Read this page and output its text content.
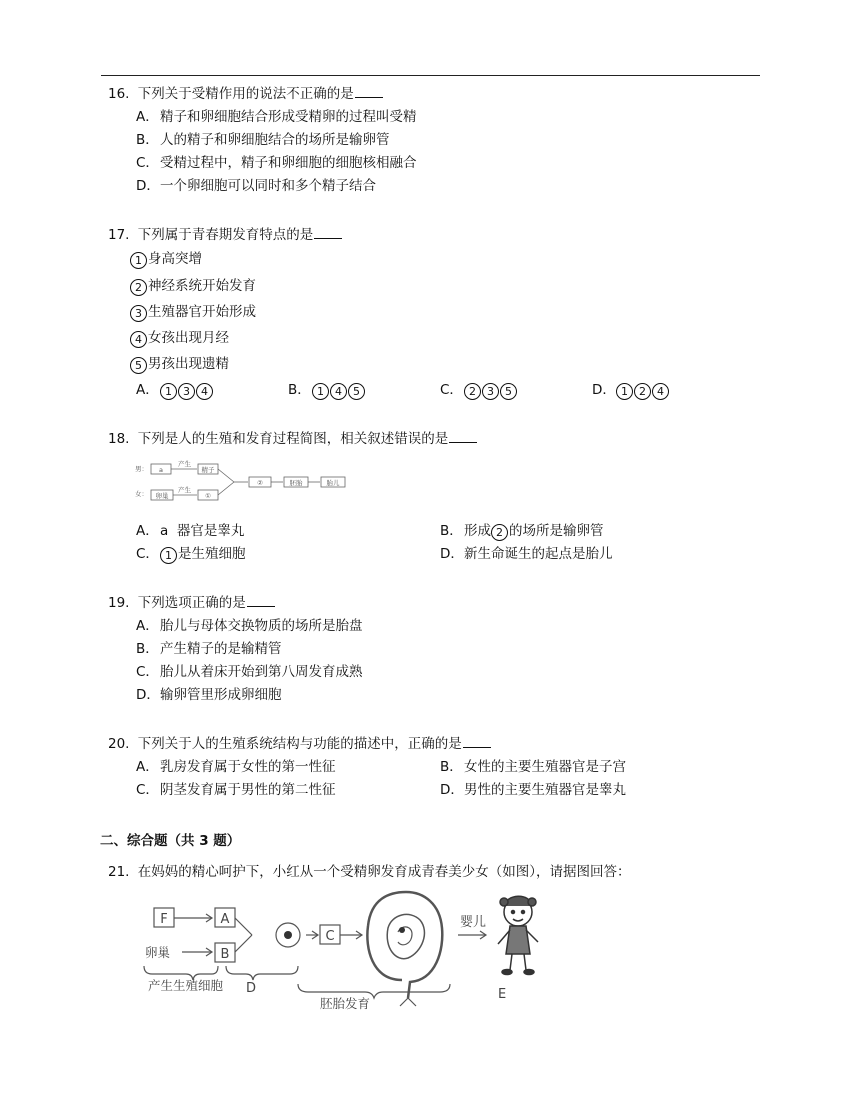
16. 下列关于受精作用的说法不正确的是
A．精子和卵细胞结合形成受精卵的过程叫受精
B．人的精子和卵细胞结合的场所是输卵管
C．受精过程中，精子和卵细胞的细胞核相融合
D．一个卵细胞可以同时和多个精子结合
17. 下列属于青春期发育特点的是
1 身高突增
2 神经系统开始发育
3 生殖器官开始形成
4 女孩出现月经
5 男孩出现遗精
A． 1 3 4	B． 1 4 5	C． 2 3 5	D． 1 2 4
18. 下列是人的生殖和发育过程简图，相关叙述错误的是
男：
女：
产生
产生
a
卵巢
精子
①
②	胚胎	胎儿
A．a  器官是睾丸	B．形成 2 的场所是输卵管
C． 1 是生殖细胞	D．新生命诞生的起点是胎儿
19. 下列选项正确的是
A．胎儿与母体交换物质的场所是胎盘
B．产生精子的是输精管
C．胎儿从着床开始到第八周发育成熟
D．输卵管里形成卵细胞
20. 下列关于人的生殖系统结构与功能的描述中，正确的是
A．乳房发育属于女性的第一性征	B．女性的主要生殖器官是子宫
C．阴茎发育属于男性的第二性征	D．男性的主要生殖器官是睾丸
二、综合题（共 3 题）
21. 在妈妈的精心呵护下，小红从一个受精卵发育成青春美少女（如图），请据图回答：
F	A
B
C
卵巢
产生生殖细胞 D
胚胎发育
E
婴儿
